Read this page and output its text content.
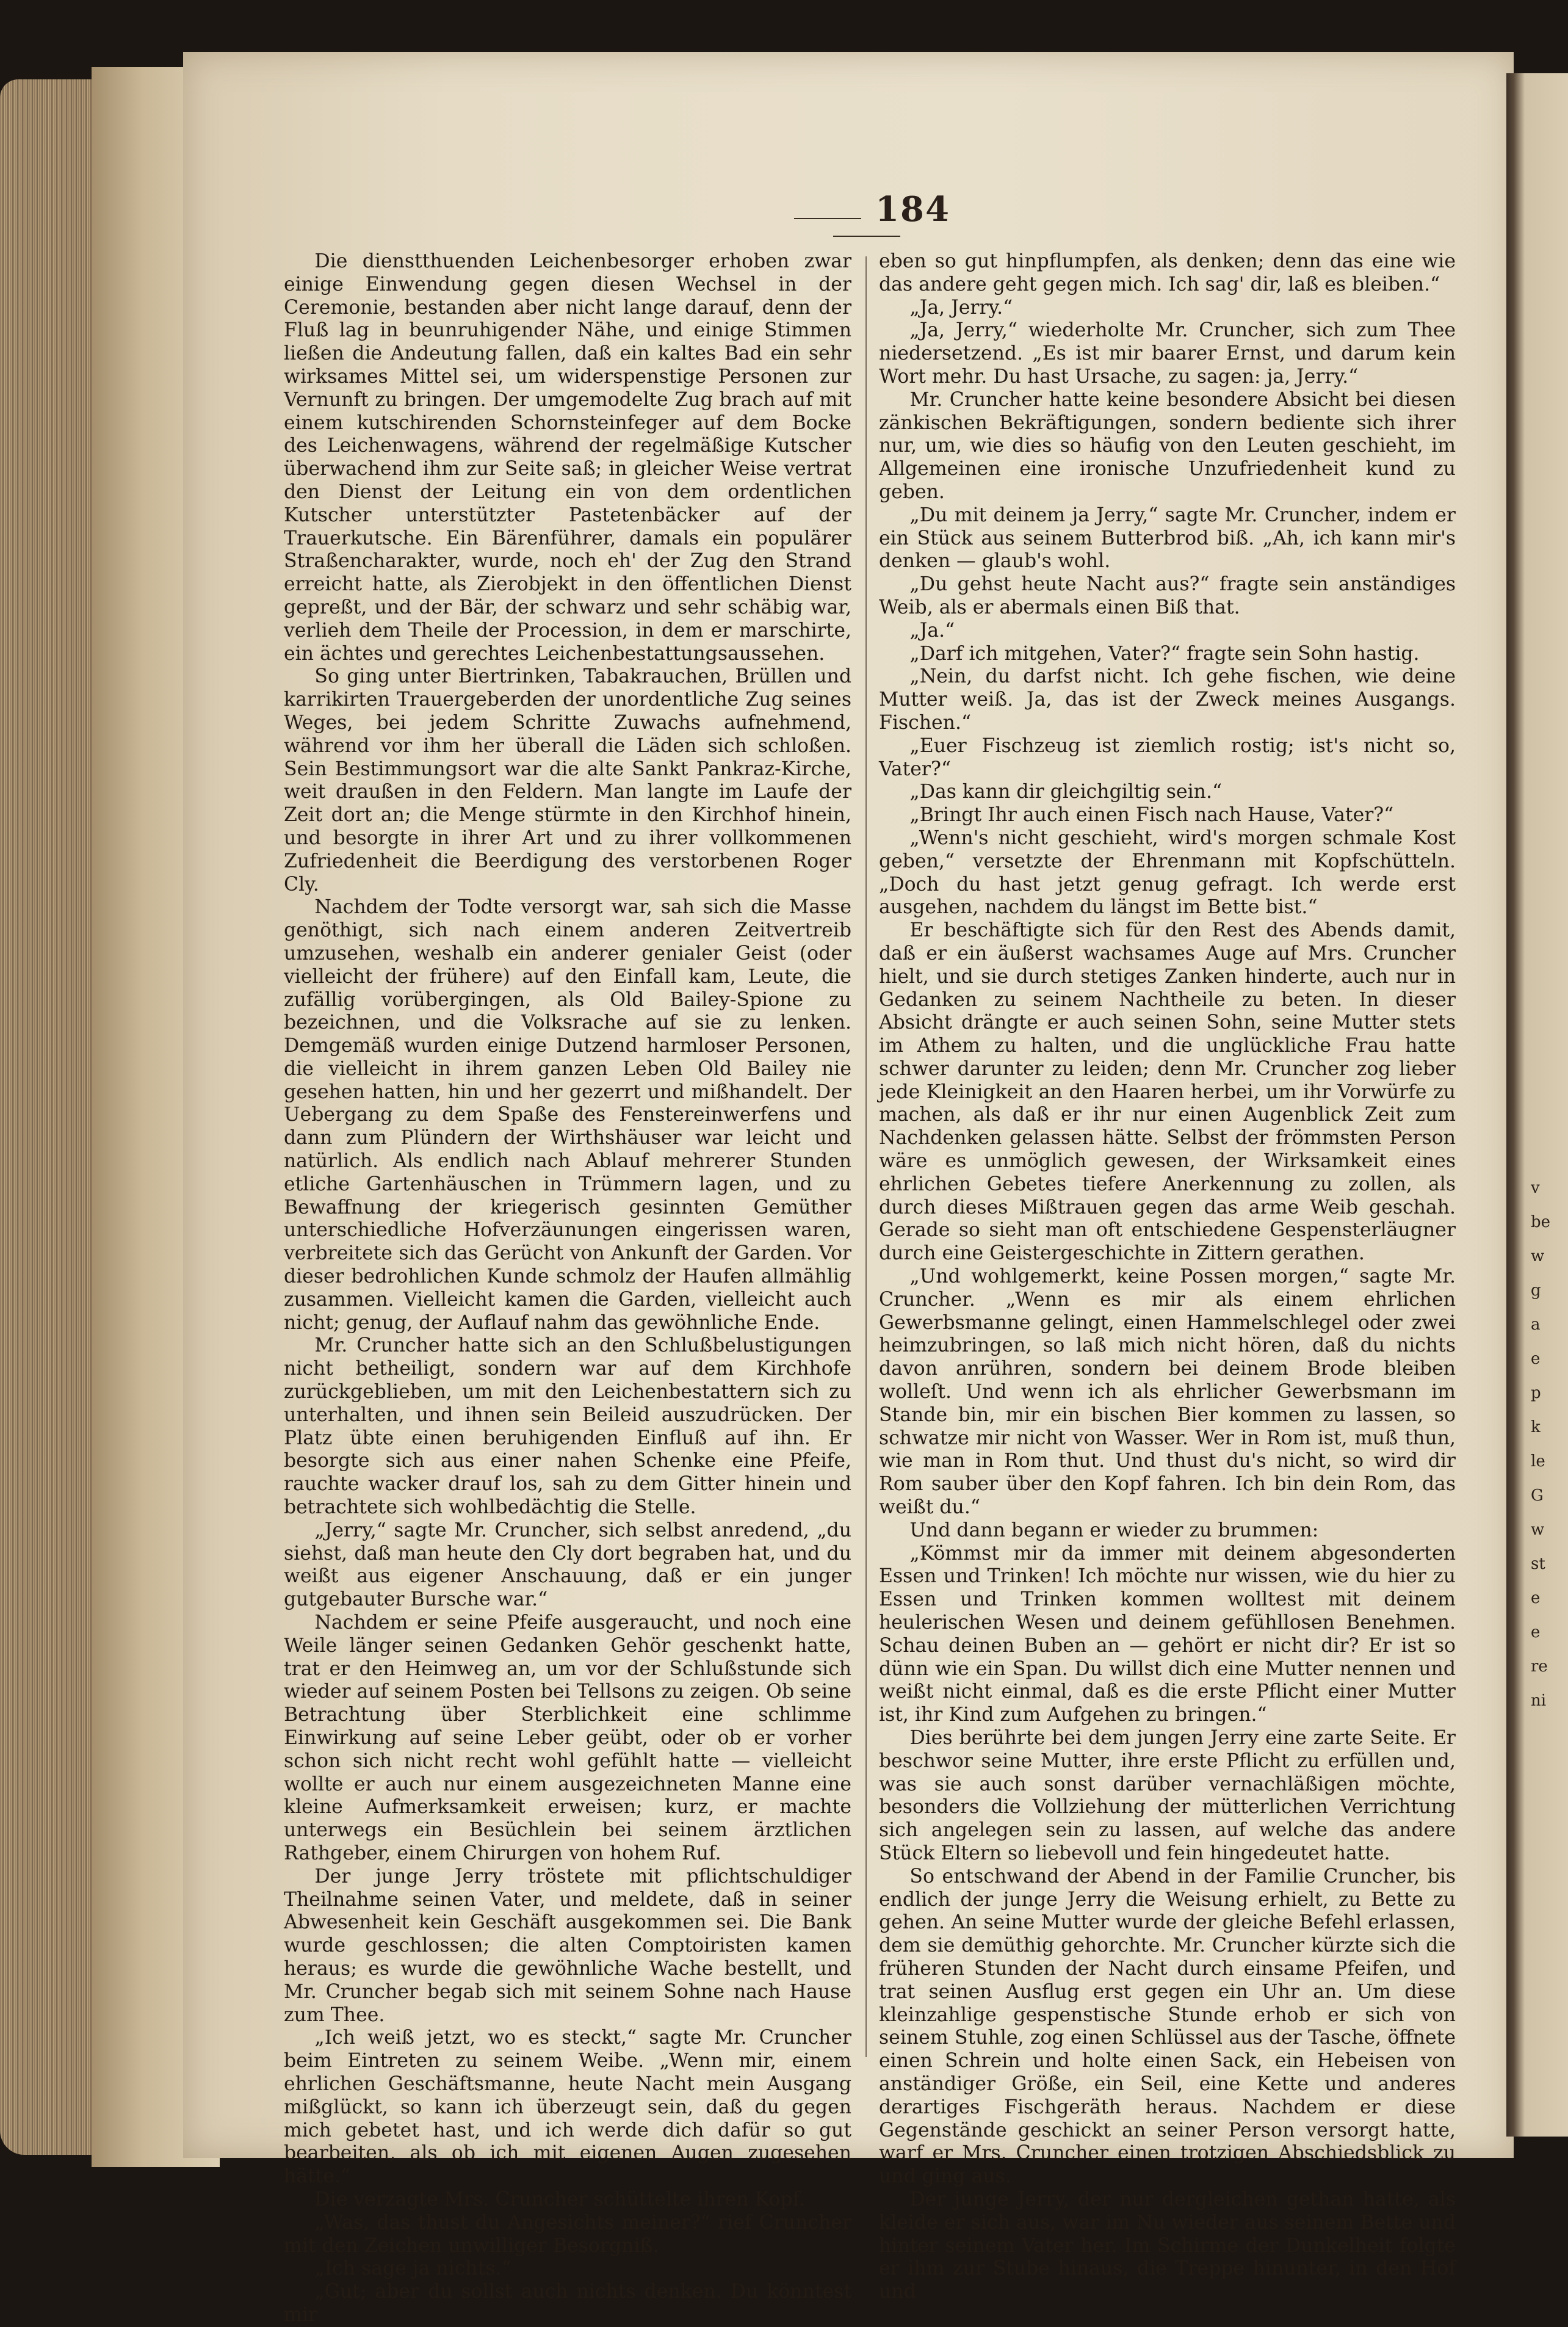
v
be
w
g
a
e
p
k
le
G
w
st
e
e
re
ni
184

Die dienstthuenden Leichenbesorger erhoben zwar einige Einwendung gegen diesen Wechsel in der Ceremonie, bestanden aber nicht lange darauf, denn der Fluß lag in beunruhigender Nähe, und einige Stimmen ließen die Andeutung fallen, daß ein kaltes Bad ein sehr wirksames Mittel sei, um widerspenstige Personen zur Vernunft zu bringen. Der umgemodelte Zug brach auf mit einem kutschirenden Schornsteinfeger auf dem Bocke des Leichenwagens, während der regelmäßige Kutscher überwachend ihm zur Seite saß; in gleicher Weise vertrat den Dienst der Leitung ein von dem ordentlichen Kutscher unterstützter Pastetenbäcker auf der Trauerkutsche. Ein Bärenführer, damals ein populärer Straßencharakter, wurde, noch eh' der Zug den Strand erreicht hatte, als Zierobjekt in den öffentlichen Dienst gepreßt, und der Bär, der schwarz und sehr schäbig war, verlieh dem Theile der Procession, in dem er marschirte, ein ächtes und gerechtes Leichenbestattungsaussehen.

So ging unter Biertrinken, Tabakrauchen, Brüllen und karrikirten Trauergeberden der unordentliche Zug seines Weges, bei jedem Schritte Zuwachs aufnehmend, während vor ihm her überall die Läden sich schloßen. Sein Bestimmungsort war die alte Sankt Pankraz-Kirche, weit draußen in den Feldern. Man langte im Laufe der Zeit dort an; die Menge stürmte in den Kirchhof hinein, und besorgte in ihrer Art und zu ihrer vollkommenen Zufriedenheit die Beerdigung des verstorbenen Roger Cly.

Nachdem der Todte versorgt war, sah sich die Masse genöthigt, sich nach einem anderen Zeitvertreib umzusehen, weshalb ein anderer genialer Geist (oder vielleicht der frühere) auf den Einfall kam, Leute, die zufällig vorübergingen, als Old Bailey-Spione zu bezeichnen, und die Volksrache auf sie zu lenken. Demgemäß wurden einige Dutzend harmloser Personen, die vielleicht in ihrem ganzen Leben Old Bailey nie gesehen hatten, hin und her gezerrt und mißhandelt. Der Uebergang zu dem Spaße des Fenstereinwerfens und dann zum Plündern der Wirthshäuser war leicht und natürlich. Als endlich nach Ablauf mehrerer Stunden etliche Gartenhäuschen in Trümmern lagen, und zu Bewaffnung der kriegerisch gesinnten Gemüther unterschiedliche Hofverzäunungen eingerissen waren, verbreitete sich das Gerücht von Ankunft der Garden. Vor dieser bedrohlichen Kunde schmolz der Haufen allmählig zusammen. Vielleicht kamen die Garden, vielleicht auch nicht; genug, der Auflauf nahm das gewöhnliche Ende.

Mr. Cruncher hatte sich an den Schlußbelustigungen nicht betheiligt, sondern war auf dem Kirchhofe zurückgeblieben, um mit den Leichenbestattern sich zu unterhalten, und ihnen sein Beileid auszudrücken. Der Platz übte einen beruhigenden Einfluß auf ihn. Er besorgte sich aus einer nahen Schenke eine Pfeife, rauchte wacker drauf los, sah zu dem Gitter hinein und betrachtete sich wohlbedächtig die Stelle.

„Jerry,“ sagte Mr. Cruncher, sich selbst anredend, „du siehst, daß man heute den Cly dort begraben hat, und du weißt aus eigener Anschauung, daß er ein junger gutgebauter Bursche war.“

Nachdem er seine Pfeife ausgeraucht, und noch eine Weile länger seinen Gedanken Gehör geschenkt hatte, trat er den Heimweg an, um vor der Schlußstunde sich wieder auf seinem Posten bei Tellsons zu zeigen. Ob seine Betrachtung über Sterblichkeit eine schlimme Einwirkung auf seine Leber geübt, oder ob er vorher schon sich nicht recht wohl gefühlt hatte — vielleicht wollte er auch nur einem ausgezeichneten Manne eine kleine Aufmerksamkeit erweisen; kurz, er machte unterwegs ein Besüchlein bei seinem ärztlichen Rathgeber, einem Chirurgen von hohem Ruf.

Der junge Jerry tröstete mit pflichtschuldiger Theilnahme seinen Vater, und meldete, daß in seiner Abwesenheit kein Geschäft ausgekommen sei. Die Bank wurde geschlossen; die alten Comptoiristen kamen heraus; es wurde die gewöhnliche Wache bestellt, und Mr. Cruncher begab sich mit seinem Sohne nach Hause zum Thee.

„Ich weiß jetzt, wo es steckt,“ sagte Mr. Cruncher beim Eintreten zu seinem Weibe. „Wenn mir, einem ehrlichen Geschäftsmanne, heute Nacht mein Ausgang mißglückt, so kann ich überzeugt sein, daß du gegen mich gebetet hast, und ich werde dich dafür so gut bearbeiten, als ob ich mit eigenen Augen zugesehen hätte.“

Die verzagte Mrs. Cruncher schüttelte ihren Kopf.

„Was, das thust du Angesichts meiner?“ rief Cruncher mit den Zeichen unwilliger Besorgniß.

„Ich sage ja nichts.“

„Gut; aber du sollst auch nichts denken. Du könntest mir

eben so gut hinpflumpfen, als denken; denn das eine wie das andere geht gegen mich. Ich sag' dir, laß es bleiben.“

„Ja, Jerry.“

„Ja, Jerry,“ wiederholte Mr. Cruncher, sich zum Thee niedersetzend. „Es ist mir baarer Ernst, und darum kein Wort mehr. Du hast Ursache, zu sagen: ja, Jerry.“

Mr. Cruncher hatte keine besondere Absicht bei diesen zänkischen Bekräftigungen, sondern bediente sich ihrer nur, um, wie dies so häufig von den Leuten geschieht, im Allgemeinen eine ironische Unzufriedenheit kund zu geben.

„Du mit deinem ja Jerry,“ sagte Mr. Cruncher, indem er ein Stück aus seinem Butterbrod biß. „Ah, ich kann mir's denken — glaub's wohl.

„Du gehst heute Nacht aus?“ fragte sein anständiges Weib, als er abermals einen Biß that.

„Ja.“

„Darf ich mitgehen, Vater?“ fragte sein Sohn hastig.

„Nein, du darfst nicht. Ich gehe fischen, wie deine Mutter weiß. Ja, das ist der Zweck meines Ausgangs. Fischen.“

„Euer Fischzeug ist ziemlich rostig; ist's nicht so, Vater?“

„Das kann dir gleichgiltig sein.“

„Bringt Ihr auch einen Fisch nach Hause, Vater?“

„Wenn's nicht geschieht, wird's morgen schmale Kost geben,“ versetzte der Ehrenmann mit Kopfschütteln. „Doch du hast jetzt genug gefragt. Ich werde erst ausgehen, nachdem du längst im Bette bist.“

Er beschäftigte sich für den Rest des Abends damit, daß er ein äußerst wachsames Auge auf Mrs. Cruncher hielt, und sie durch stetiges Zanken hinderte, auch nur in Gedanken zu seinem Nachtheile zu beten. In dieser Absicht drängte er auch seinen Sohn, seine Mutter stets im Athem zu halten, und die unglückliche Frau hatte schwer darunter zu leiden; denn Mr. Cruncher zog lieber jede Kleinigkeit an den Haaren herbei, um ihr Vorwürfe zu machen, als daß er ihr nur einen Augenblick Zeit zum Nachdenken gelassen hätte. Selbst der frömmsten Person wäre es unmöglich gewesen, der Wirksamkeit eines ehrlichen Gebetes tiefere Anerkennung zu zollen, als durch dieses Mißtrauen gegen das arme Weib geschah. Gerade so sieht man oft entschiedene Gespensterläugner durch eine Geistergeschichte in Zittern gerathen.

„Und wohlgemerkt, keine Possen morgen,“ sagte Mr. Cruncher. „Wenn es mir als einem ehrlichen Gewerbsmanne gelingt, einen Hammelschlegel oder zwei heimzubringen, so laß mich nicht hören, daß du nichts davon anrühren, sondern bei deinem Brode bleiben wolleſt. Und wenn ich als ehrlicher Gewerbsmann im Stande bin, mir ein bischen Bier kommen zu lassen, so schwatze mir nicht von Wasser. Wer in Rom ist, muß thun, wie man in Rom thut. Und thust du's nicht, so wird dir Rom sauber über den Kopf fahren. Ich bin dein Rom, das weißt du.“

Und dann begann er wieder zu brummen:

„Kömmst mir da immer mit deinem abgesonderten Essen und Trinken! Ich möchte nur wissen, wie du hier zu Essen und Trinken kommen wolltest mit deinem heulerischen Wesen und deinem gefühllosen Benehmen. Schau deinen Buben an — gehört er nicht dir? Er ist so dünn wie ein Span. Du willst dich eine Mutter nennen und weißt nicht einmal, daß es die erste Pflicht einer Mutter ist, ihr Kind zum Aufgehen zu bringen.“

Dies berührte bei dem jungen Jerry eine zarte Seite. Er beschwor seine Mutter, ihre erste Pflicht zu erfüllen und, was sie auch sonst darüber vernachläßigen möchte, besonders die Vollziehung der mütterlichen Verrichtung sich angelegen sein zu lassen, auf welche das andere Stück Eltern so liebevoll und fein hingedeutet hatte.

So entschwand der Abend in der Familie Cruncher, bis endlich der junge Jerry die Weisung erhielt, zu Bette zu gehen. An seine Mutter wurde der gleiche Befehl erlassen, dem sie demüthig gehorchte. Mr. Cruncher kürzte sich die früheren Stunden der Nacht durch einsame Pfeifen, und trat seinen Ausflug erst gegen ein Uhr an. Um diese kleinzahlige gespenstische Stunde erhob er sich von seinem Stuhle, zog einen Schlüssel aus der Tasche, öffnete einen Schrein und holte einen Sack, ein Hebeisen von anständiger Größe, ein Seil, eine Kette und anderes derartiges Fischgeräth heraus. Nachdem er diese Gegenstände geschickt an seiner Person versorgt hatte, warf er Mrs. Cruncher einen trotzigen Abschiedsblick zu und ging aus.

Der junge Jerry, der nur dergleichen gethan hatte, als kleide er sich aus, war im Nu wieder aus seinem Bette und hinter seinem Vater her. Im Schirme der Dunkelheit folgte er ihm zur Stube hinaus, die Treppe hinunter, in den Hof und
